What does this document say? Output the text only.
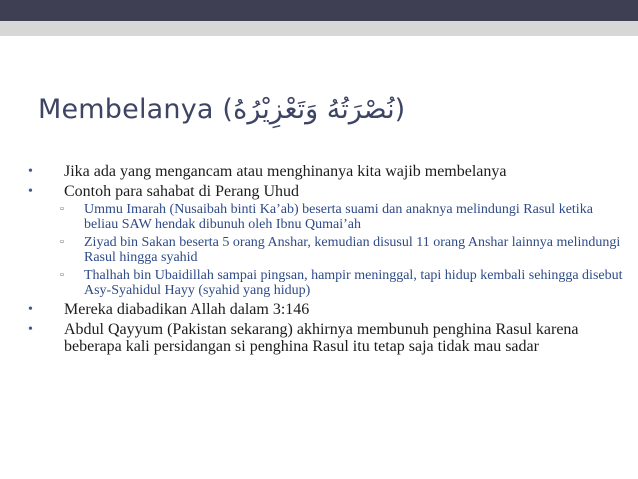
Membelanya (نُصْرَتُهُ وَتَعْزِيْرُهُ)
•	Jika ada yang mengancam atau menghinanya kita wajib membelanya
•	Contoh para sahabat di Perang Uhud
▫	Ummu Imarah (Nusaibah binti Ka’ab) beserta suami dan anaknya melindungi Rasul ketika beliau SAW hendak dibunuh oleh Ibnu Qumai’ah
▫	Ziyad bin Sakan beserta 5 orang Anshar, kemudian disusul 11 orang Anshar lainnya melindungi Rasul hingga syahid
▫	Thalhah bin Ubaidillah sampai pingsan, hampir meninggal, tapi hidup kembali sehingga disebut Asy-Syahidul Hayy (syahid yang hidup)
•	Mereka diabadikan Allah dalam 3:146
•	Abdul Qayyum (Pakistan sekarang) akhirnya membunuh penghina Rasul karena beberapa kali persidangan si penghina Rasul itu tetap saja tidak mau sadar
